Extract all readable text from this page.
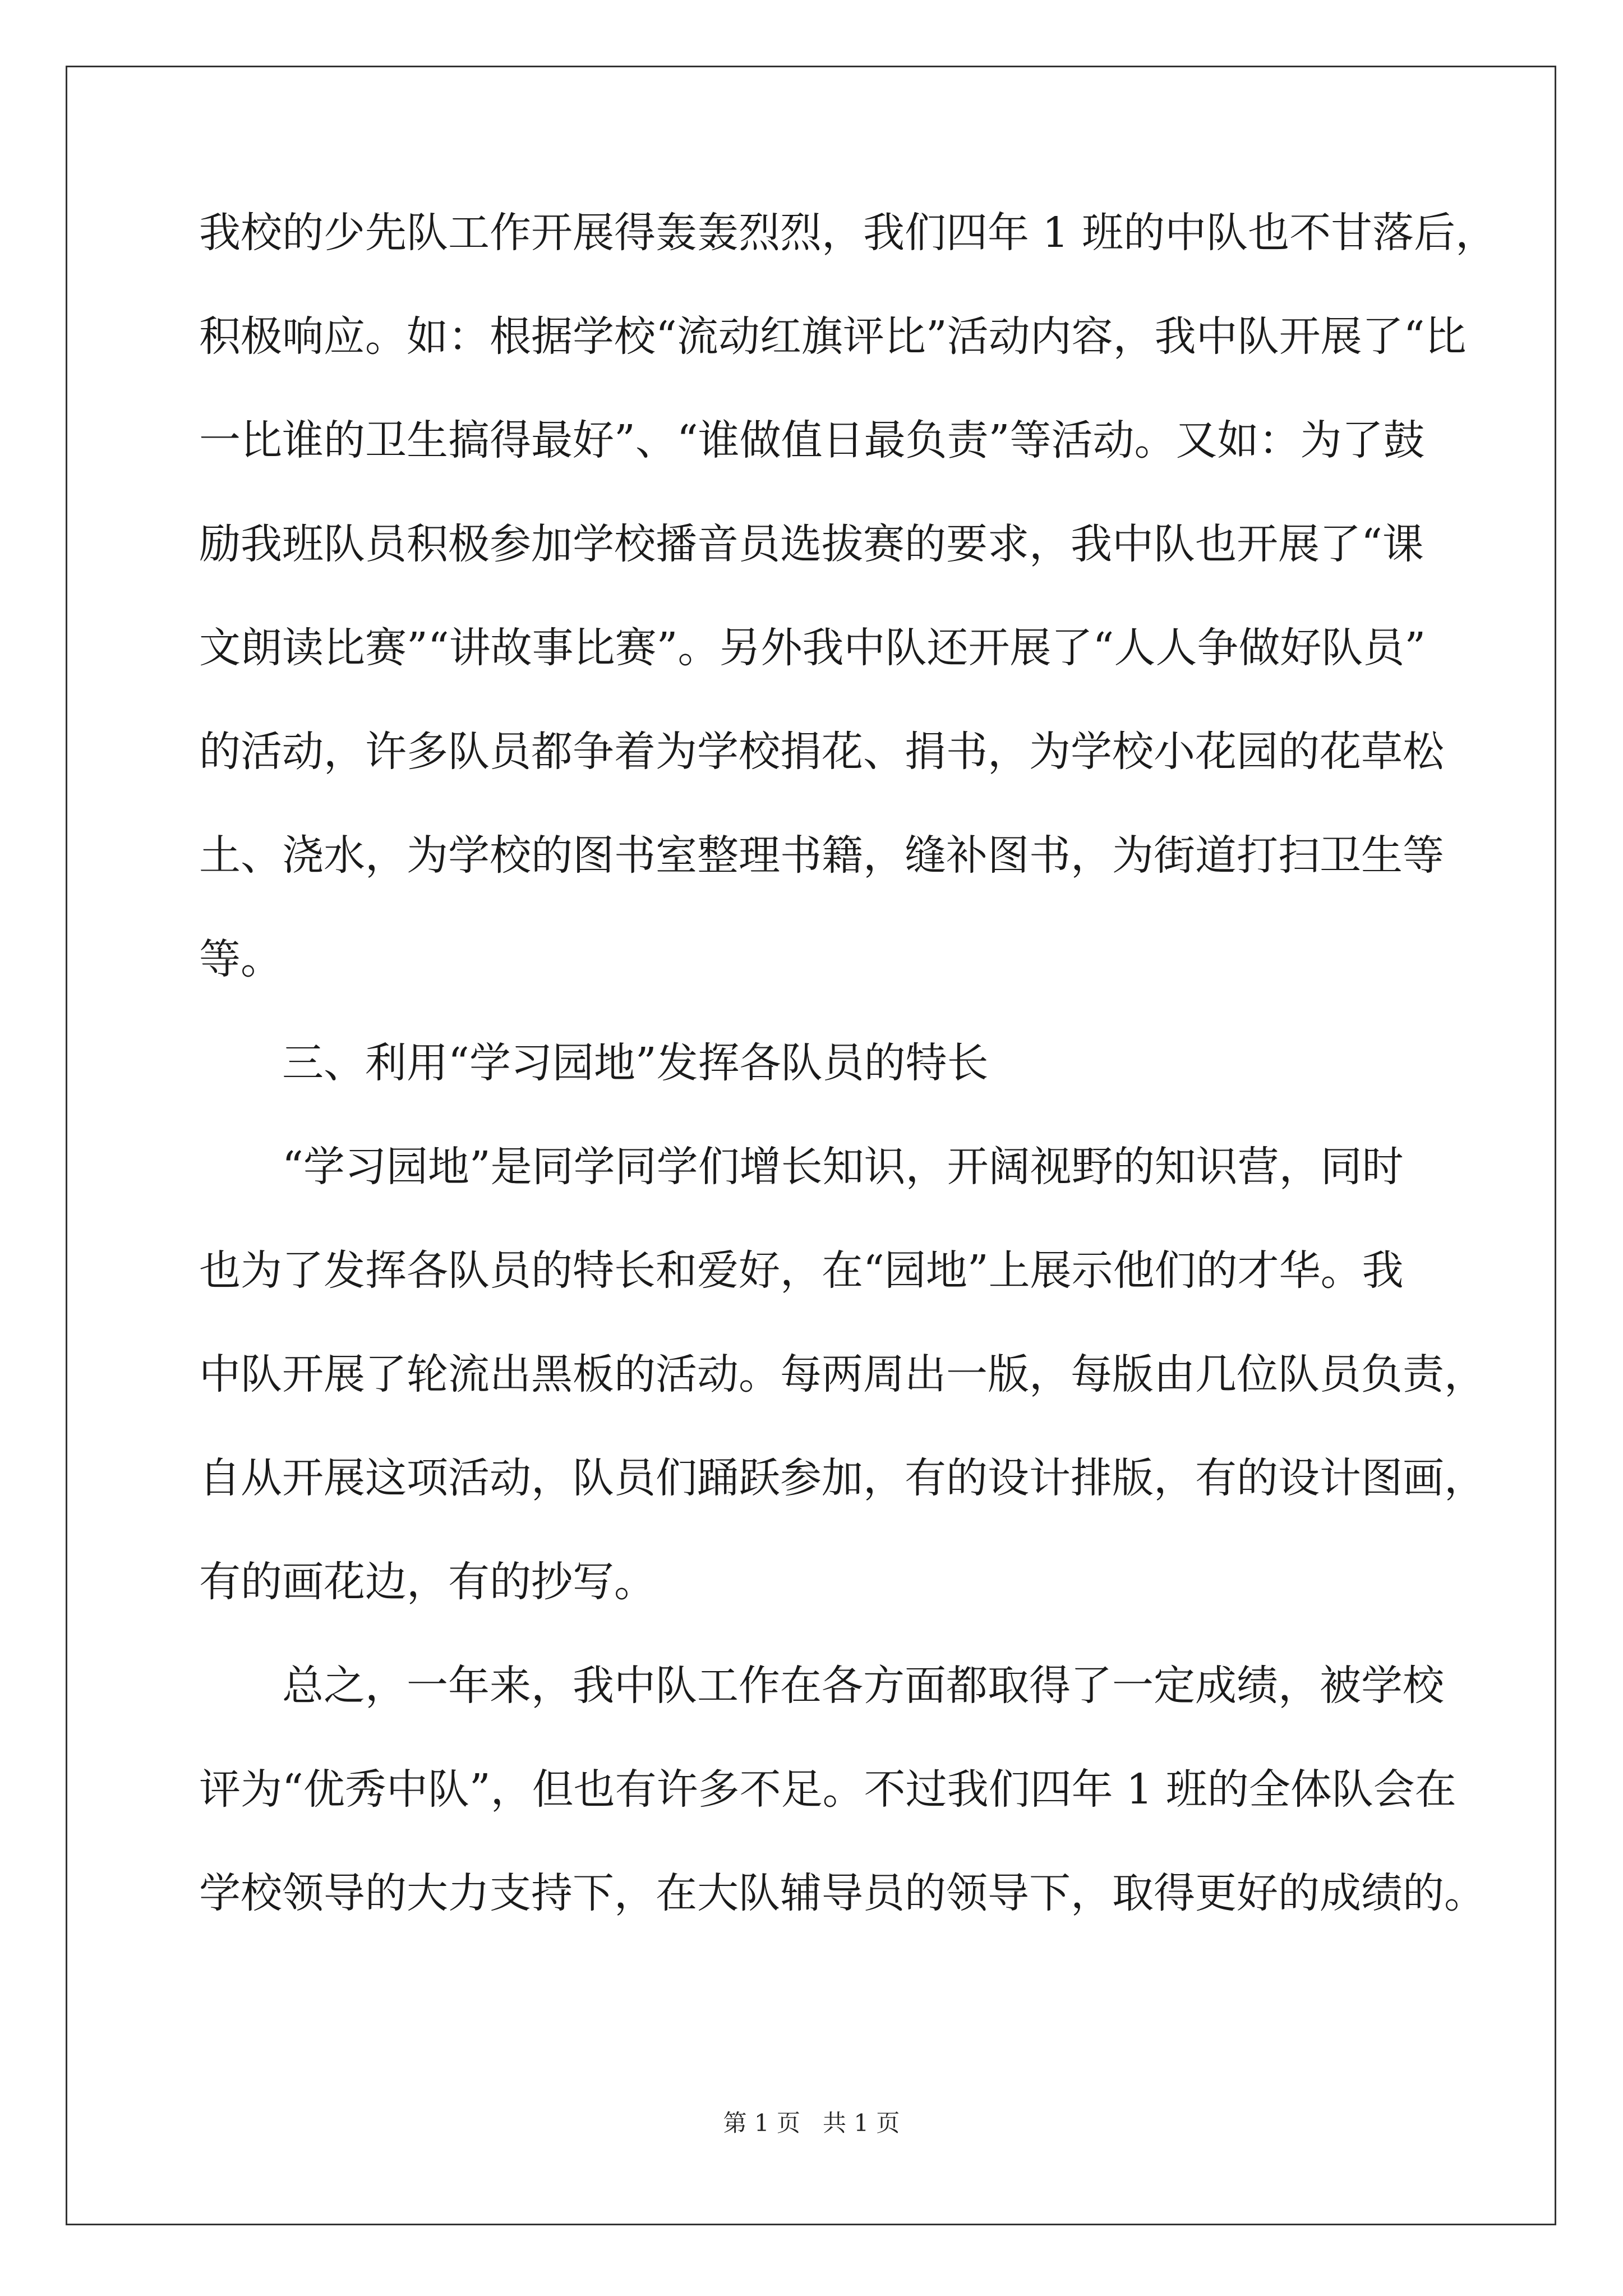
我校的少先队工作开展得轰轰烈烈，我们四年 1 班的中队也不甘落后，
积极响应。如：根据学校“流动红旗评比”活动内容，我中队开展了“比
一比谁的卫生搞得最好”、“谁做值日最负责”等活动。又如：为了鼓
励我班队员积极参加学校播音员选拔赛的要求，我中队也开展了“课
文朗读比赛”“讲故事比赛”。另外我中队还开展了“人人争做好队员”
的活动，许多队员都争着为学校捐花、捐书，为学校小花园的花草松
土、浇水，为学校的图书室整理书籍，缝补图书，为街道打扫卫生等
等。
三、利用“学习园地”发挥各队员的特长
“学习园地”是同学同学们增长知识，开阔视野的知识营，同时
也为了发挥各队员的特长和爱好，在“园地”上展示他们的才华。我
中队开展了轮流出黑板的活动。每两周出一版，每版由几位队员负责，
自从开展这项活动，队员们踊跃参加，有的设计排版，有的设计图画，
有的画花边，有的抄写。
总之，一年来，我中队工作在各方面都取得了一定成绩，被学校
评为“优秀中队”，但也有许多不足。不过我们四年 1 班的全体队会在
学校领导的大力支持下，在大队辅导员的领导下，取得更好的成绩的。
第 1 页 共 1 页
